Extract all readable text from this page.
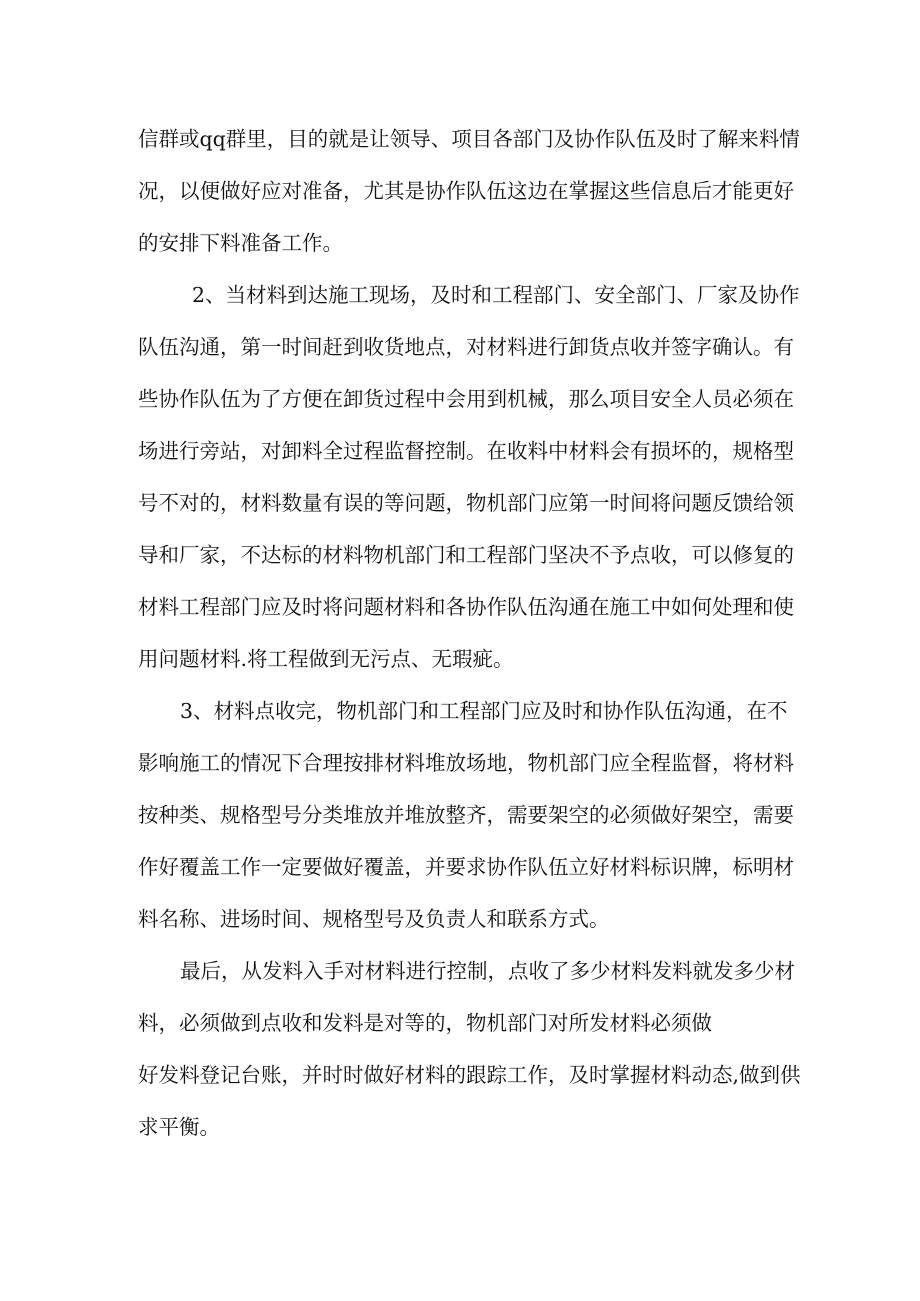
信群或qq群里，目的就是让领导、项目各部门及协作队伍及时了解来料情

况，以便做好应对准备，尤其是协作队伍这边在掌握这些信息后才能更好

的安排下料准备工作。

2、当材料到达施工现场，及时和工程部门、安全部门、厂家及协作

队伍沟通，第一时间赶到收货地点，对材料进行卸货点收并签字确认。有

些协作队伍为了方便在卸货过程中会用到机械，那么项目安全人员必须在

场进行旁站，对卸料全过程监督控制。在收料中材料会有损坏的，规格型

号不对的，材料数量有误的等问题，物机部门应第一时间将问题反馈给领

导和厂家，不达标的材料物机部门和工程部门坚决不予点收，可以修复的

材料工程部门应及时将问题材料和各协作队伍沟通在施工中如何处理和使

用问题材料.将工程做到无污点、无瑕疵。

3、材料点收完，物机部门和工程部门应及时和协作队伍沟通，在不

影响施工的情况下合理按排材料堆放场地，物机部门应全程监督，将材料

按种类、规格型号分类堆放并堆放整齐，需要架空的必须做好架空，需要

作好覆盖工作一定要做好覆盖，并要求协作队伍立好材料标识牌，标明材

料名称、进场时间、规格型号及负责人和联系方式。

最后，从发料入手对材料进行控制，点收了多少材料发料就发多少材

料，必须做到点收和发料是对等的，物机部门对所发材料必须做

好发料登记台账，并时时做好材料的跟踪工作，及时掌握材料动态,做到供

求平衡。
